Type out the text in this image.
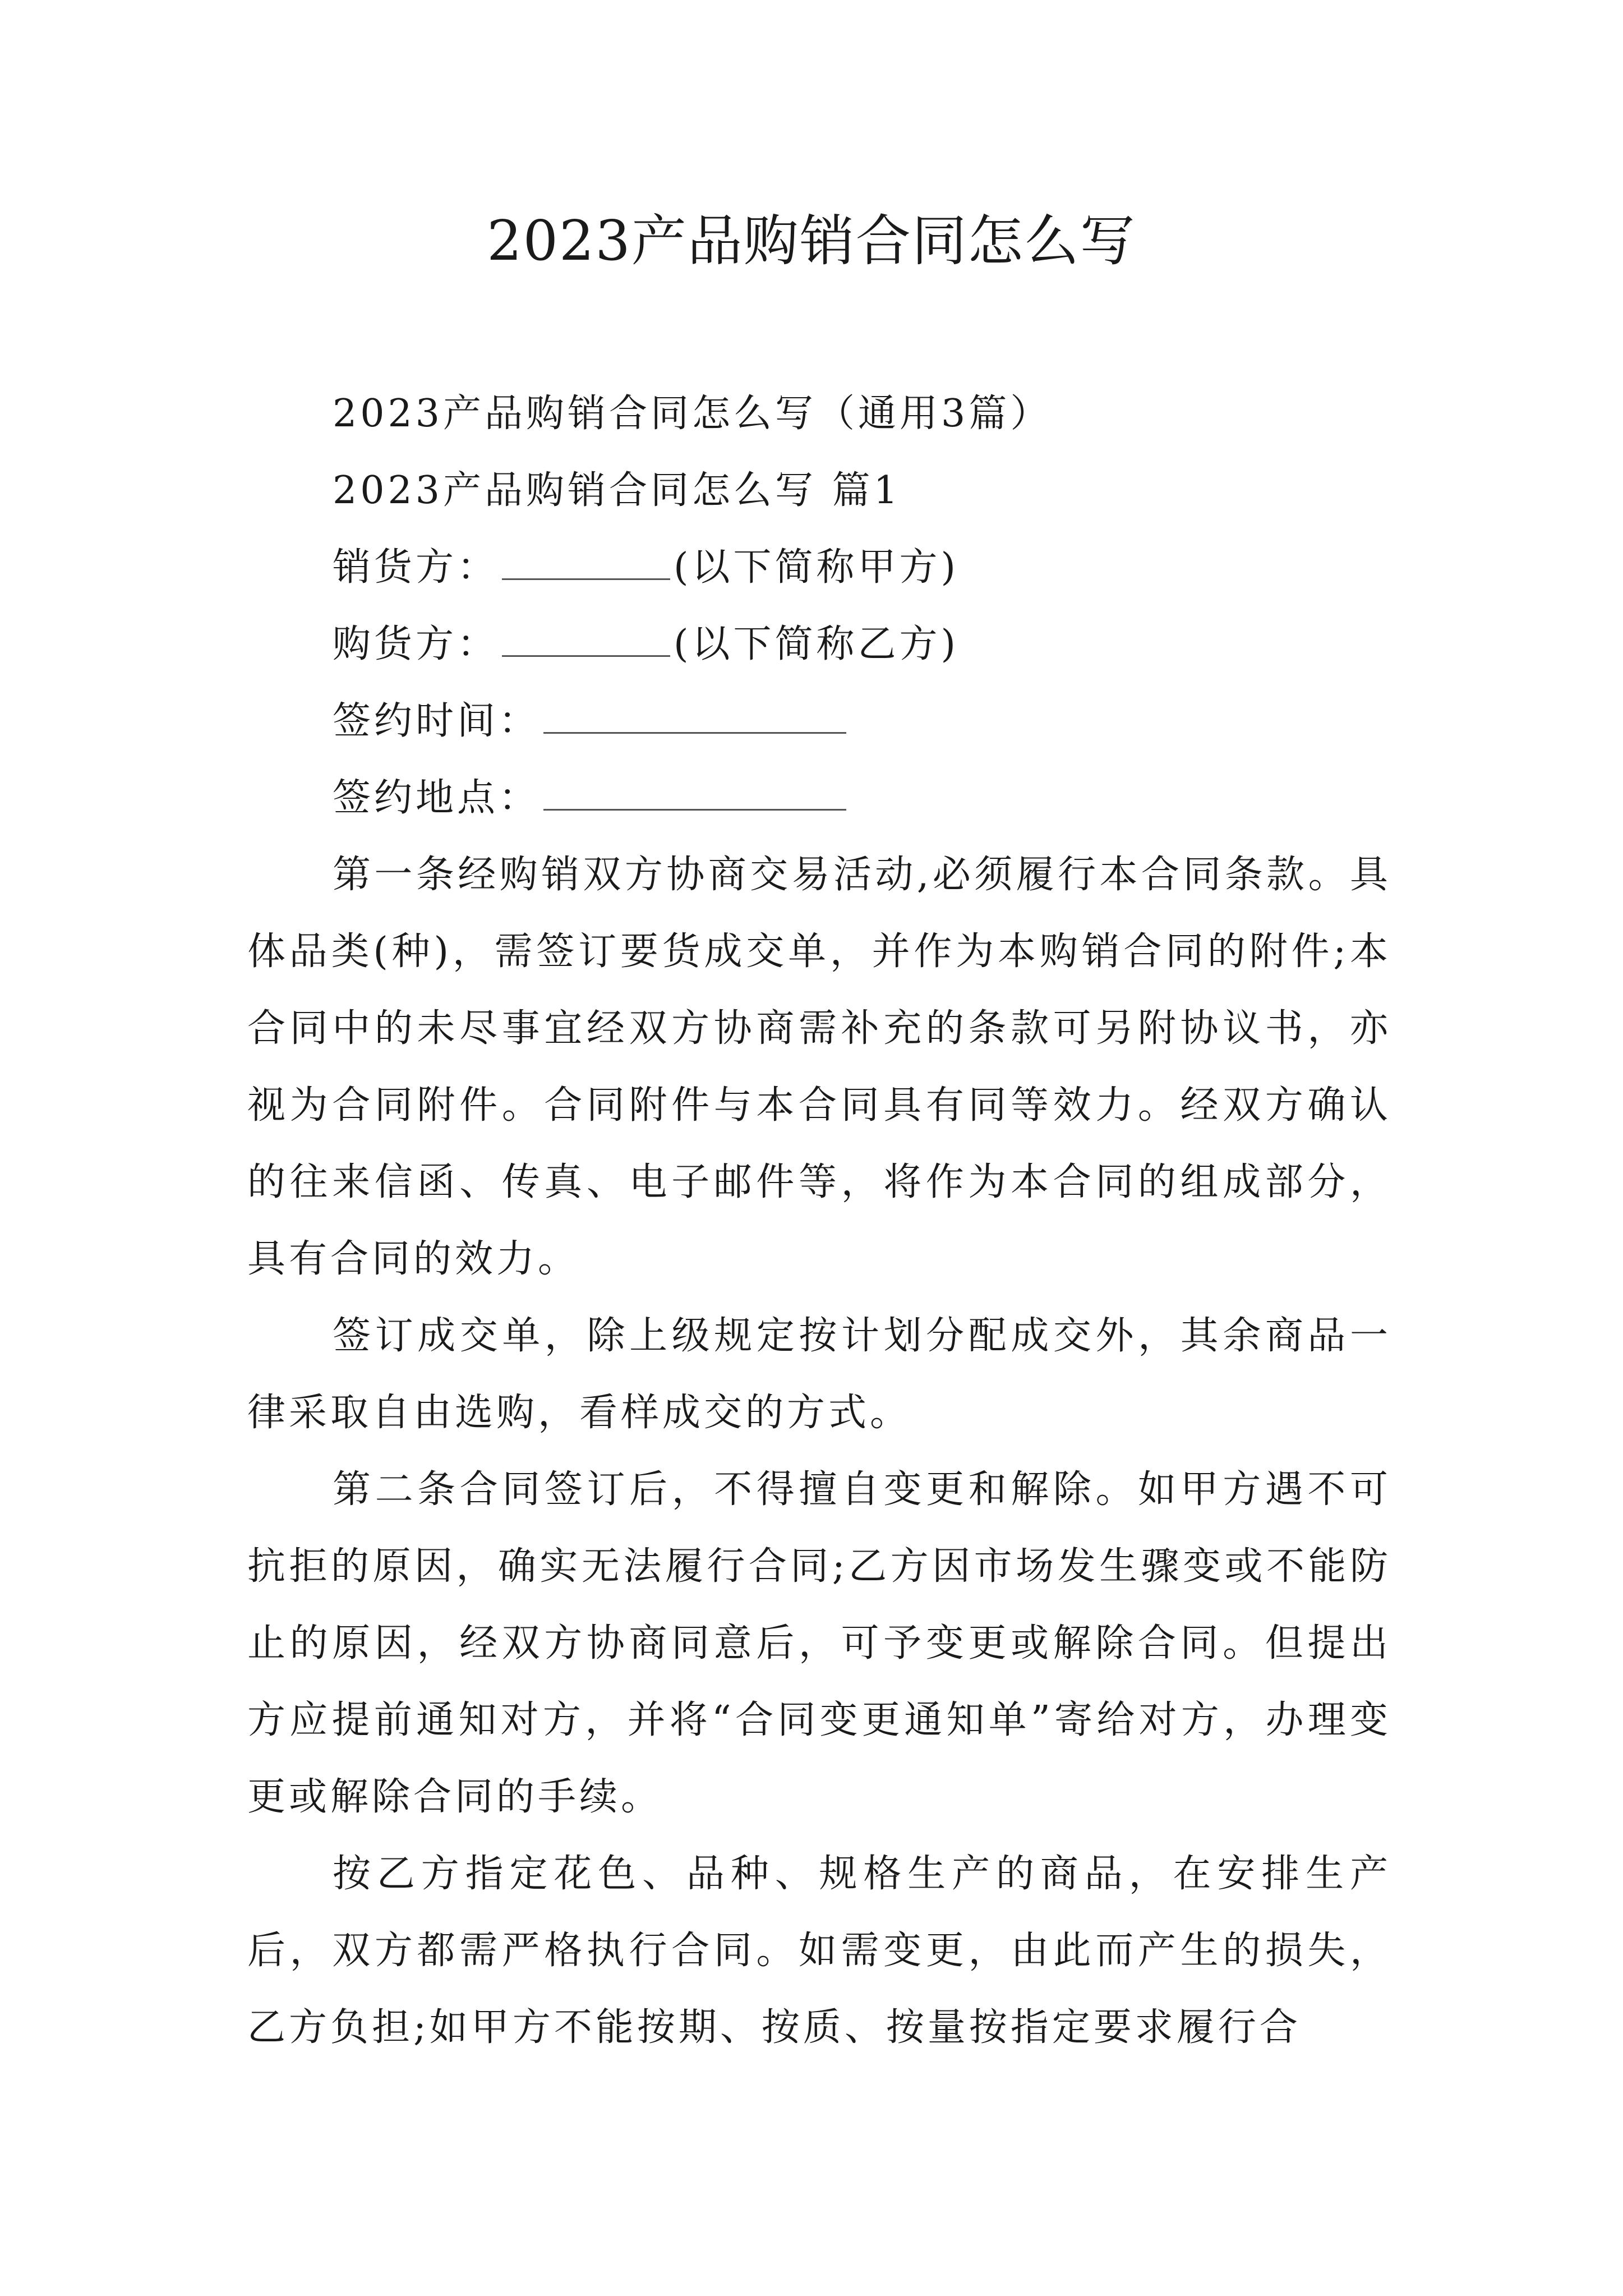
2023产品购销合同怎么写

2023产品购销合同怎么写（通用3篇）

2023产品购销合同怎么写 篇1

销货方：	(以下简称甲方)

购货方：	(以下简称乙方)

签约时间：

签约地点：

第一条经购销双方协商交易活动,必须履行本合同条款。具体品类(种)，需签订要货成交单，并作为本购销合同的附件;本合同中的未尽事宜经双方协商需补充的条款可另附协议书，亦视为合同附件。合同附件与本合同具有同等效力。经双方确认的往来信函、传真、电子邮件等，将作为本合同的组成部分，具有合同的效力。

签订成交单，除上级规定按计划分配成交外，其余商品一律采取自由选购，看样成交的方式。

第二条合同签订后，不得擅自变更和解除。如甲方遇不可抗拒的原因，确实无法履行合同;乙方因市场发生骤变或不能防止的原因，经双方协商同意后，可予变更或解除合同。但提出方应提前通知对方，并将“合同变更通知单”寄给对方，办理变更或解除合同的手续。

按乙方指定花色、品种、规格生产的商品，在安排生产后，双方都需严格执行合同。如需变更，由此而产生的损失，乙方负担;如甲方不能按期、按质、按量按指定要求履行合
